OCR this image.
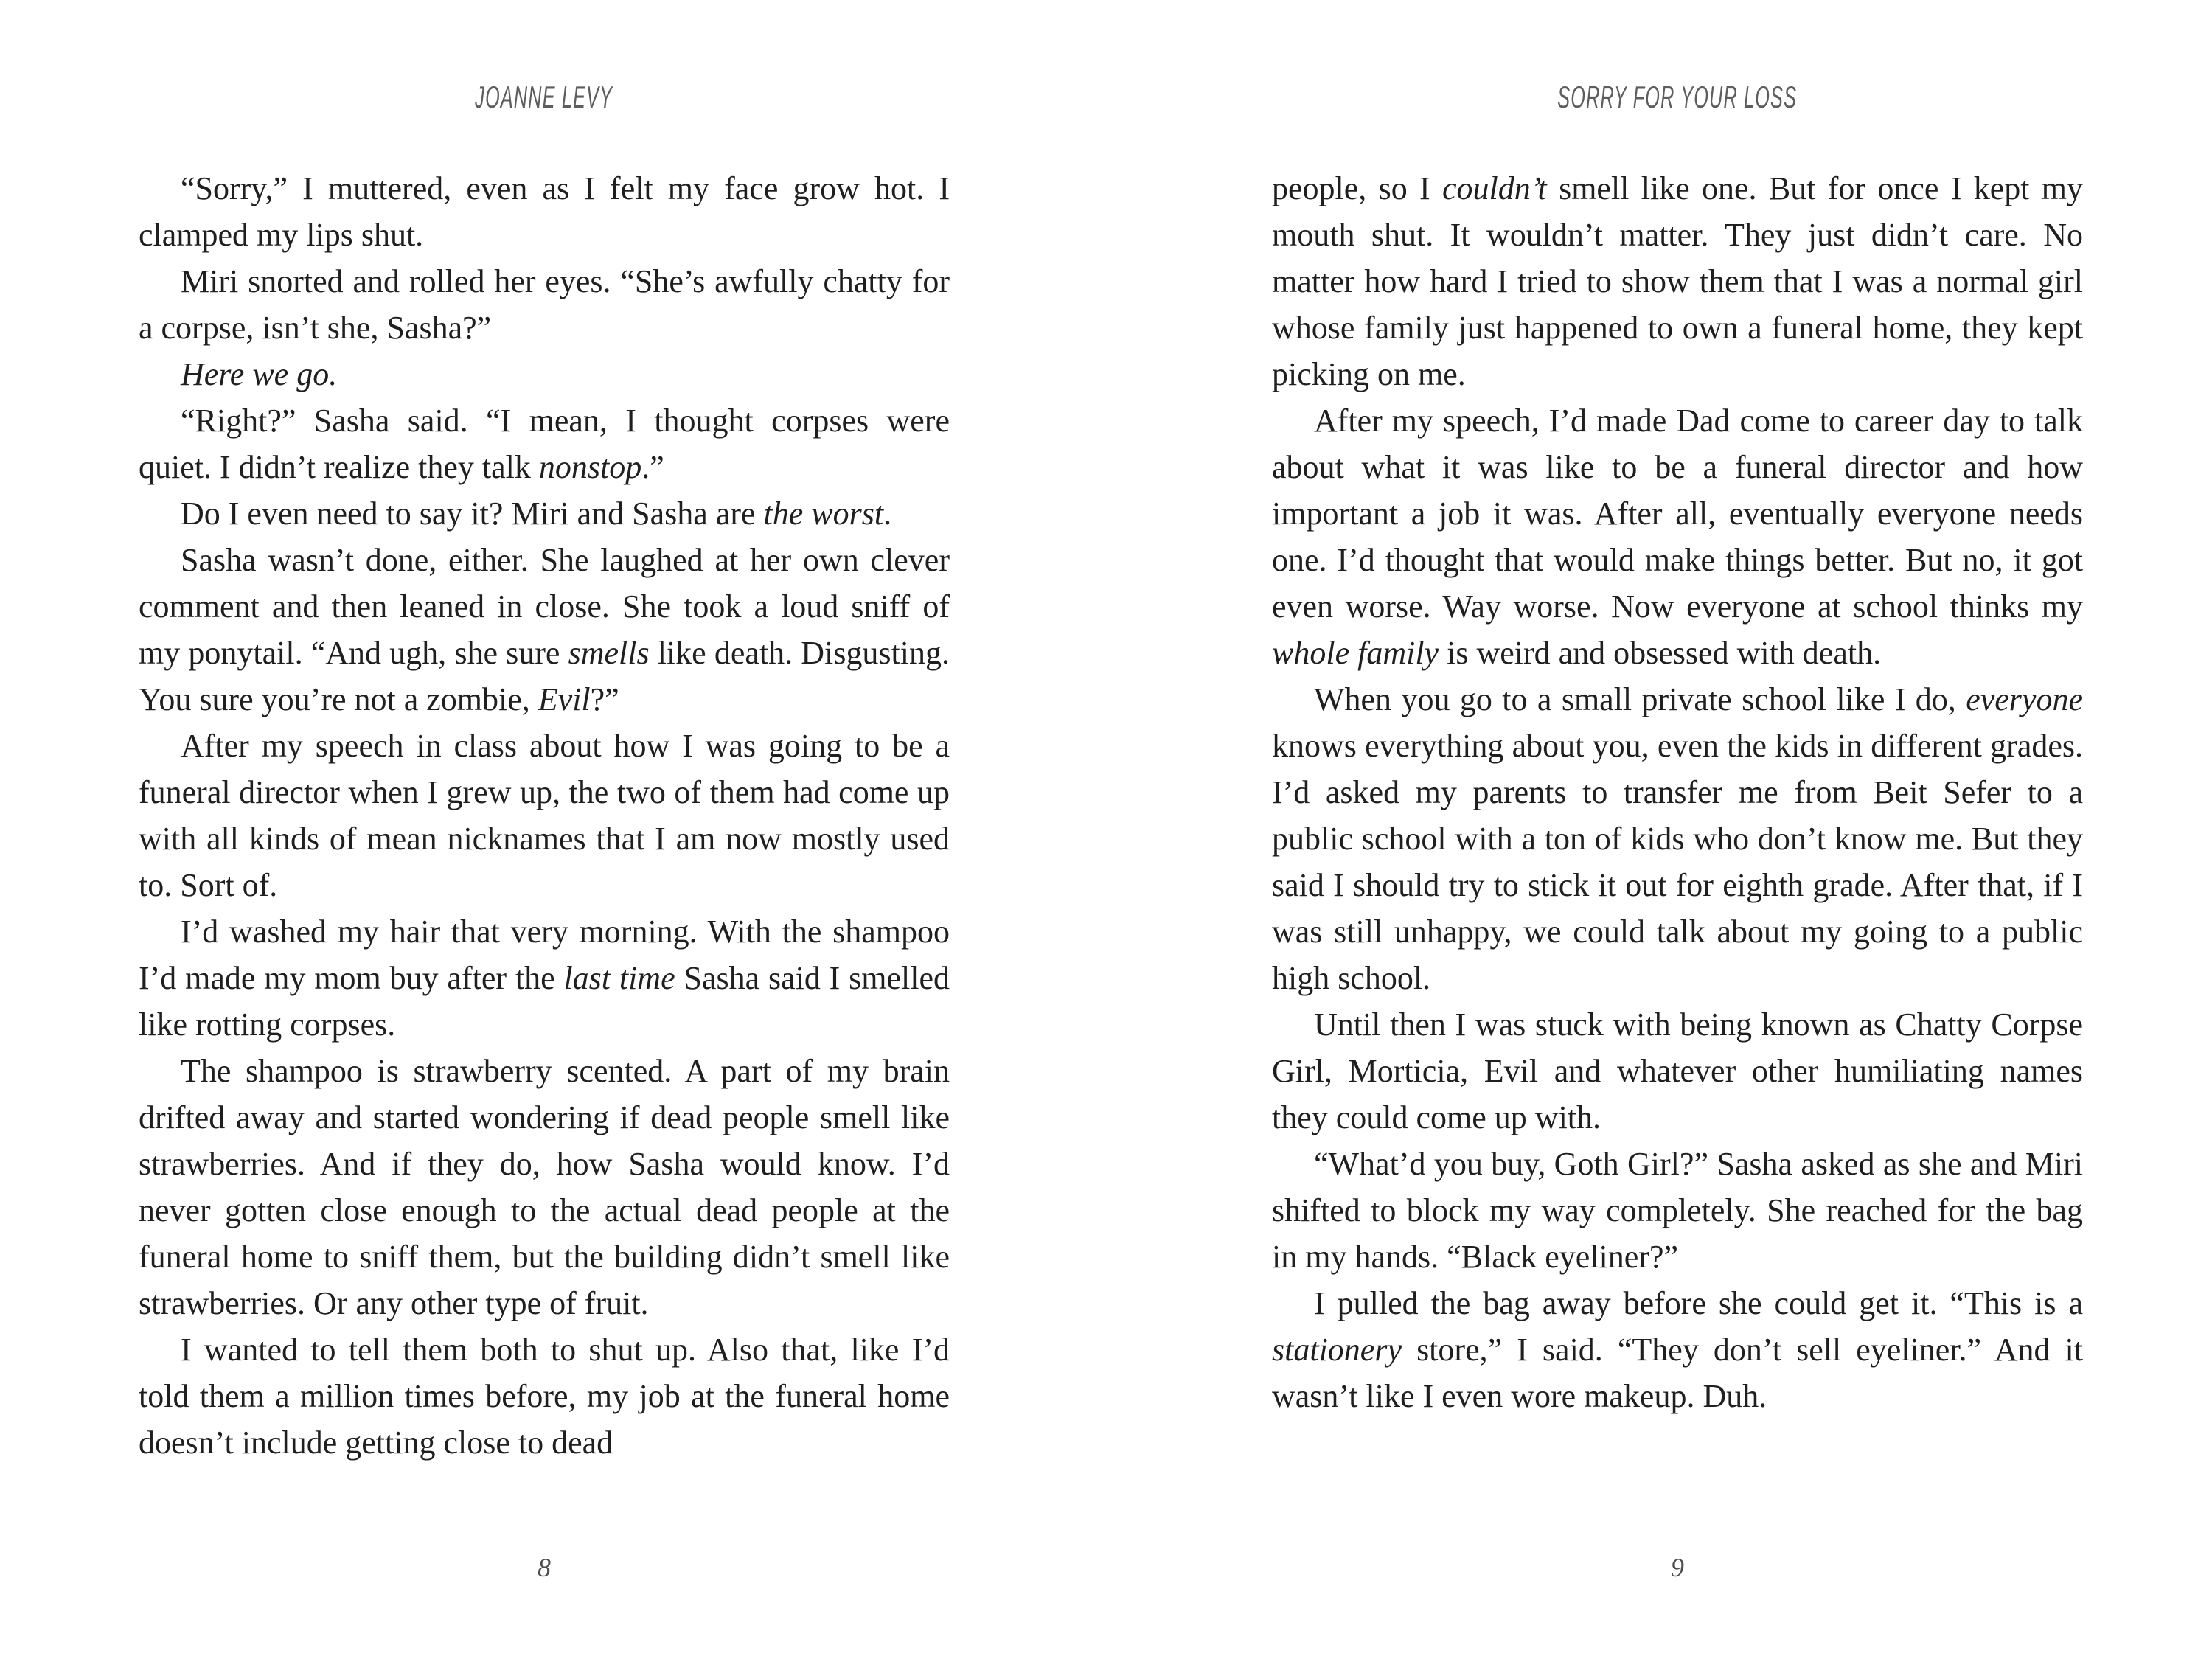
JOANNE LEVY

“Sorry,” I muttered, even as I felt my face grow hot. I clamped my lips shut.

Miri snorted and rolled her eyes. “She’s awfully chatty for a corpse, isn’t she, Sasha?”

Here we go.

“Right?” Sasha said. “I mean, I thought corpses were quiet. I didn’t realize they talk nonstop.”

Do I even need to say it? Miri and Sasha are the worst.

Sasha wasn’t done, either. She laughed at her own clever comment and then leaned in close. She took a loud sniff of my ponytail. “And ugh, she sure smells like death. Disgusting. You sure you’re not a zombie, Evil?”

After my speech in class about how I was going to be a funeral director when I grew up, the two of them had come up with all kinds of mean nicknames that I am now mostly used to. Sort of.

I’d washed my hair that very morning. With the shampoo I’d made my mom buy after the last time Sasha said I smelled like rotting corpses.

The shampoo is strawberry scented. A part of my brain drifted away and started wondering if dead people smell like strawberries. And if they do, how Sasha would know. I’d never gotten close enough to the actual dead people at the funeral home to sniff them, but the building didn’t smell like strawberries. Or any other type of fruit.

I wanted to tell them both to shut up. Also that, like I’d told them a million times before, my job at the funeral home doesn’t include getting close to dead

8
SORRY FOR YOUR LOSS

people, so I couldn’t smell like one. But for once I kept my mouth shut. It wouldn’t matter. They just didn’t care. No matter how hard I tried to show them that I was a normal girl whose family just happened to own a funeral home, they kept picking on me.

After my speech, I’d made Dad come to career day to talk about what it was like to be a funeral director and how important a job it was. After all, eventually everyone needs one. I’d thought that would make things better. But no, it got even worse. Way worse. Now everyone at school thinks my whole family is weird and obsessed with death.

When you go to a small private school like I do, everyone knows everything about you, even the kids in different grades. I’d asked my parents to transfer me from Beit Sefer to a public school with a ton of kids who don’t know me. But they said I should try to stick it out for eighth grade. After that, if I was still unhappy, we could talk about my going to a public high school.

Until then I was stuck with being known as Chatty Corpse Girl, Morticia, Evil and whatever other humiliating names they could come up with.

“What’d you buy, Goth Girl?” Sasha asked as she and Miri shifted to block my way completely. She reached for the bag in my hands. “Black eyeliner?”

I pulled the bag away before she could get it. “This is a stationery store,” I said. “They don’t sell eyeliner.” And it wasn’t like I even wore makeup. Duh.

9
